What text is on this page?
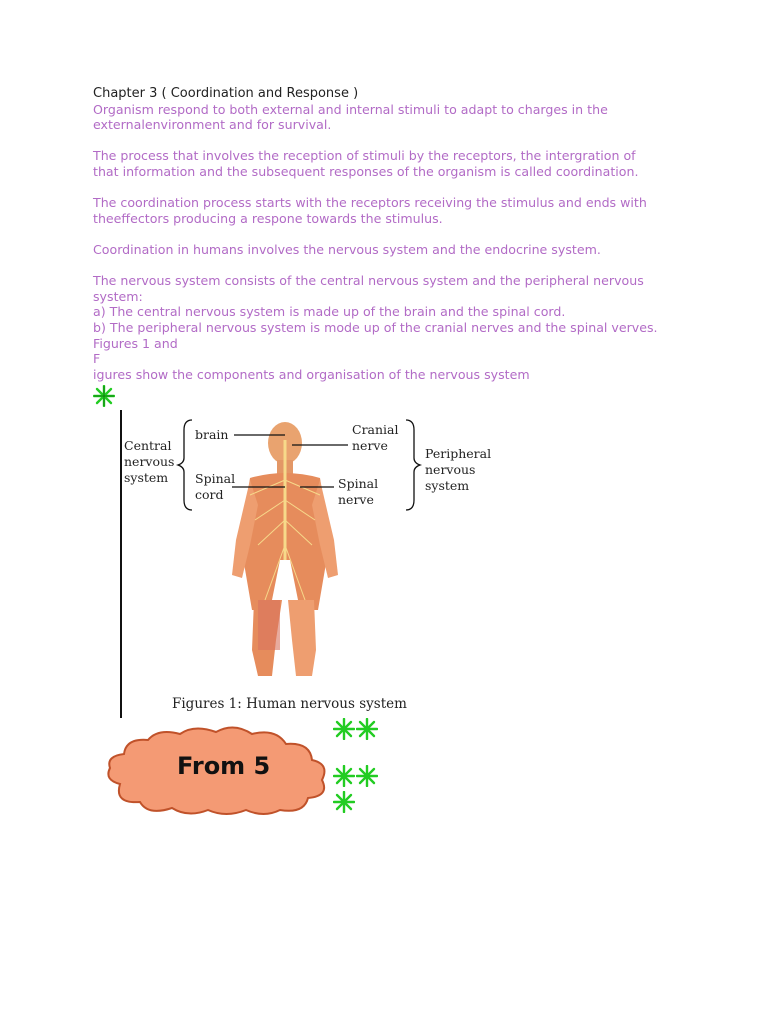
Chapter 3 ( Coordination and Response )

Organism respond to both external and internal stimuli to adapt to charges in the
externalenvironment and for survival.

The process that involves the reception of stimuli by the receptors, the intergration of
that information and the subsequent responses of the organism is called coordination.

The coordination process starts with the receptors receiving the stimulus and ends with
theeffectors producing a respone towards the stimulus.

Coordination in humans involves the nervous system and the endocrine system.

The nervous system consists of the central nervous system and the peripheral nervous
system:
a) The central nervous system is made up of the brain and the spinal cord.
b) The peripheral nervous system is mode up of the cranial nerves and the spinal verves.
Figures 1 and
F
igures show the components and organisation of the nervous system

Central
nervous
system
brain
Spinal
cord
Cranial
nerve
Spinal
nerve
Peripheral
nervous
system
Figures 1: Human nervous system
From 5
